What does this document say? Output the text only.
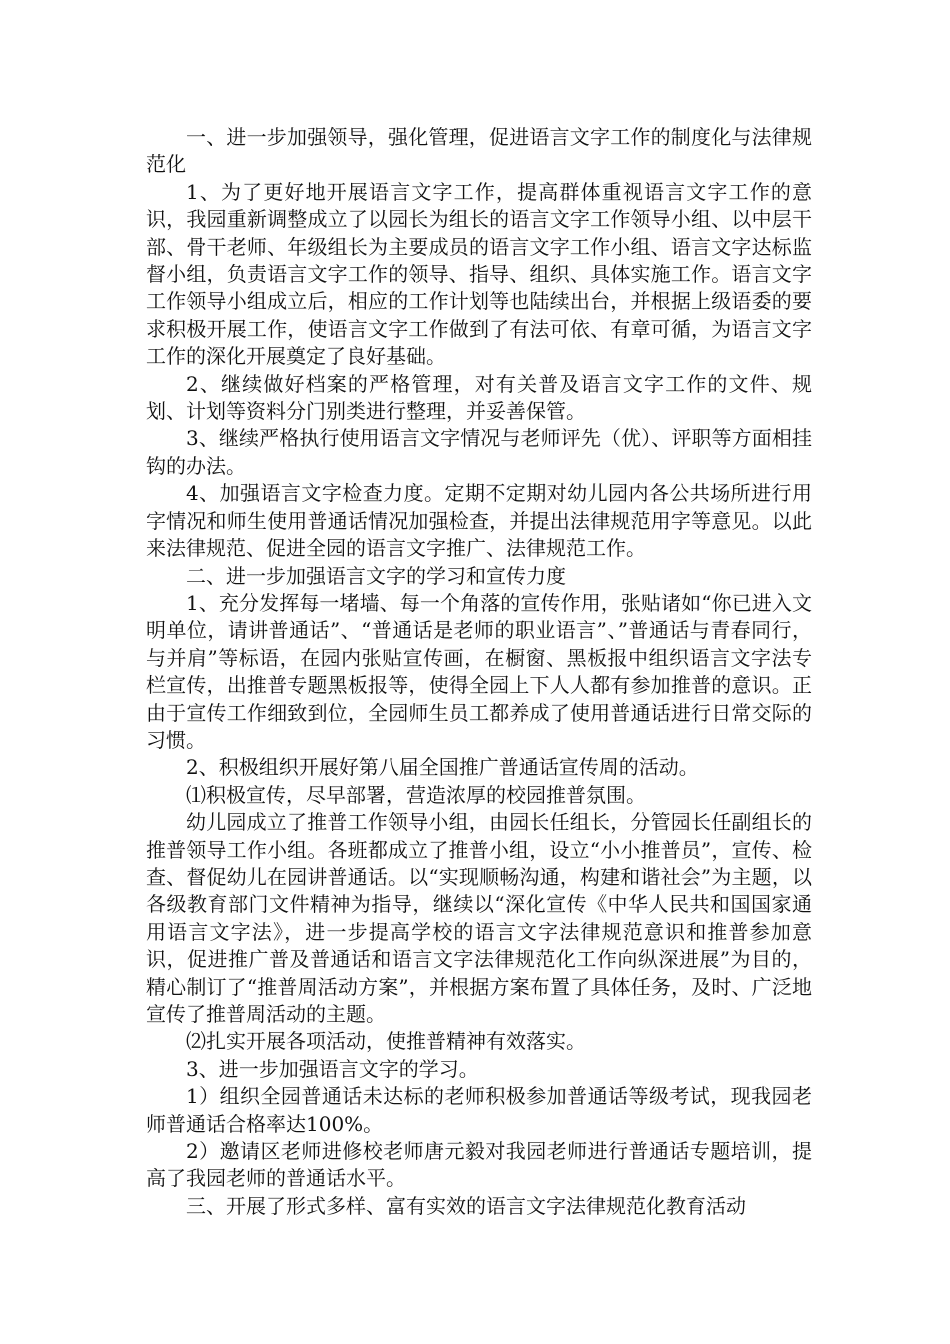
一、进一步加强领导，强化管理，促进语言文字工作的制度化与法律规范化

1、为了更好地开展语言文字工作，提高群体重视语言文字工作的意识，我园重新调整成立了以园长为组长的语言文字工作领导小组、以中层干部、骨干老师、年级组长为主要成员的语言文字工作小组、语言文字达标监督小组，负责语言文字工作的领导、指导、组织、具体实施工作。语言文字工作领导小组成立后，相应的工作计划等也陆续出台，并根据上级语委的要求积极开展工作，使语言文字工作做到了有法可依、有章可循，为语言文字工作的深化开展奠定了良好基础。

2、继续做好档案的严格管理，对有关普及语言文字工作的文件、规划、计划等资料分门别类进行整理，并妥善保管。

3、继续严格执行使用语言文字情况与老师评先（优）、评职等方面相挂钩的办法。

4、加强语言文字检查力度。定期不定期对幼儿园内各公共场所进行用字情况和师生使用普通话情况加强检查，并提出法律规范用字等意见。以此来法律规范、促进全园的语言文字推广、法律规范工作。

二、进一步加强语言文字的学习和宣传力度

1、充分发挥每一堵墙、每一个角落的宣传作用，张贴诸如“你已进入文明单位，请讲普通话”、“普通话是老师的职业语言”、”普通话与青春同行，与并肩”等标语，在园内张贴宣传画，在橱窗、黑板报中组织语言文字法专栏宣传，出推普专题黑板报等，使得全园上下人人都有参加推普的意识。正由于宣传工作细致到位，全园师生员工都养成了使用普通话进行日常交际的习惯。

2、积极组织开展好第八届全国推广普通话宣传周的活动。

⑴积极宣传，尽早部署，营造浓厚的校园推普氛围。

幼儿园成立了推普工作领导小组，由园长任组长，分管园长任副组长的推普领导工作小组。各班都成立了推普小组，设立“小小推普员”，宣传、检查、督促幼儿在园讲普通话。以“实现顺畅沟通，构建和谐社会”为主题，以各级教育部门文件精神为指导，继续以“深化宣传《中华人民共和国国家通用语言文字法》，进一步提高学校的语言文字法律规范意识和推普参加意识，促进推广普及普通话和语言文字法律规范化工作向纵深进展”为目的，精心制订了“推普周活动方案”，并根据方案布置了具体任务，及时、广泛地宣传了推普周活动的主题。

⑵扎实开展各项活动，使推普精神有效落实。

3、进一步加强语言文字的学习。

1）组织全园普通话未达标的老师积极参加普通话等级考试，现我园老师普通话合格率达100%。

2）邀请区老师进修校老师唐元毅对我园老师进行普通话专题培训，提高了我园老师的普通话水平。

三、开展了形式多样、富有实效的语言文字法律规范化教育活动
